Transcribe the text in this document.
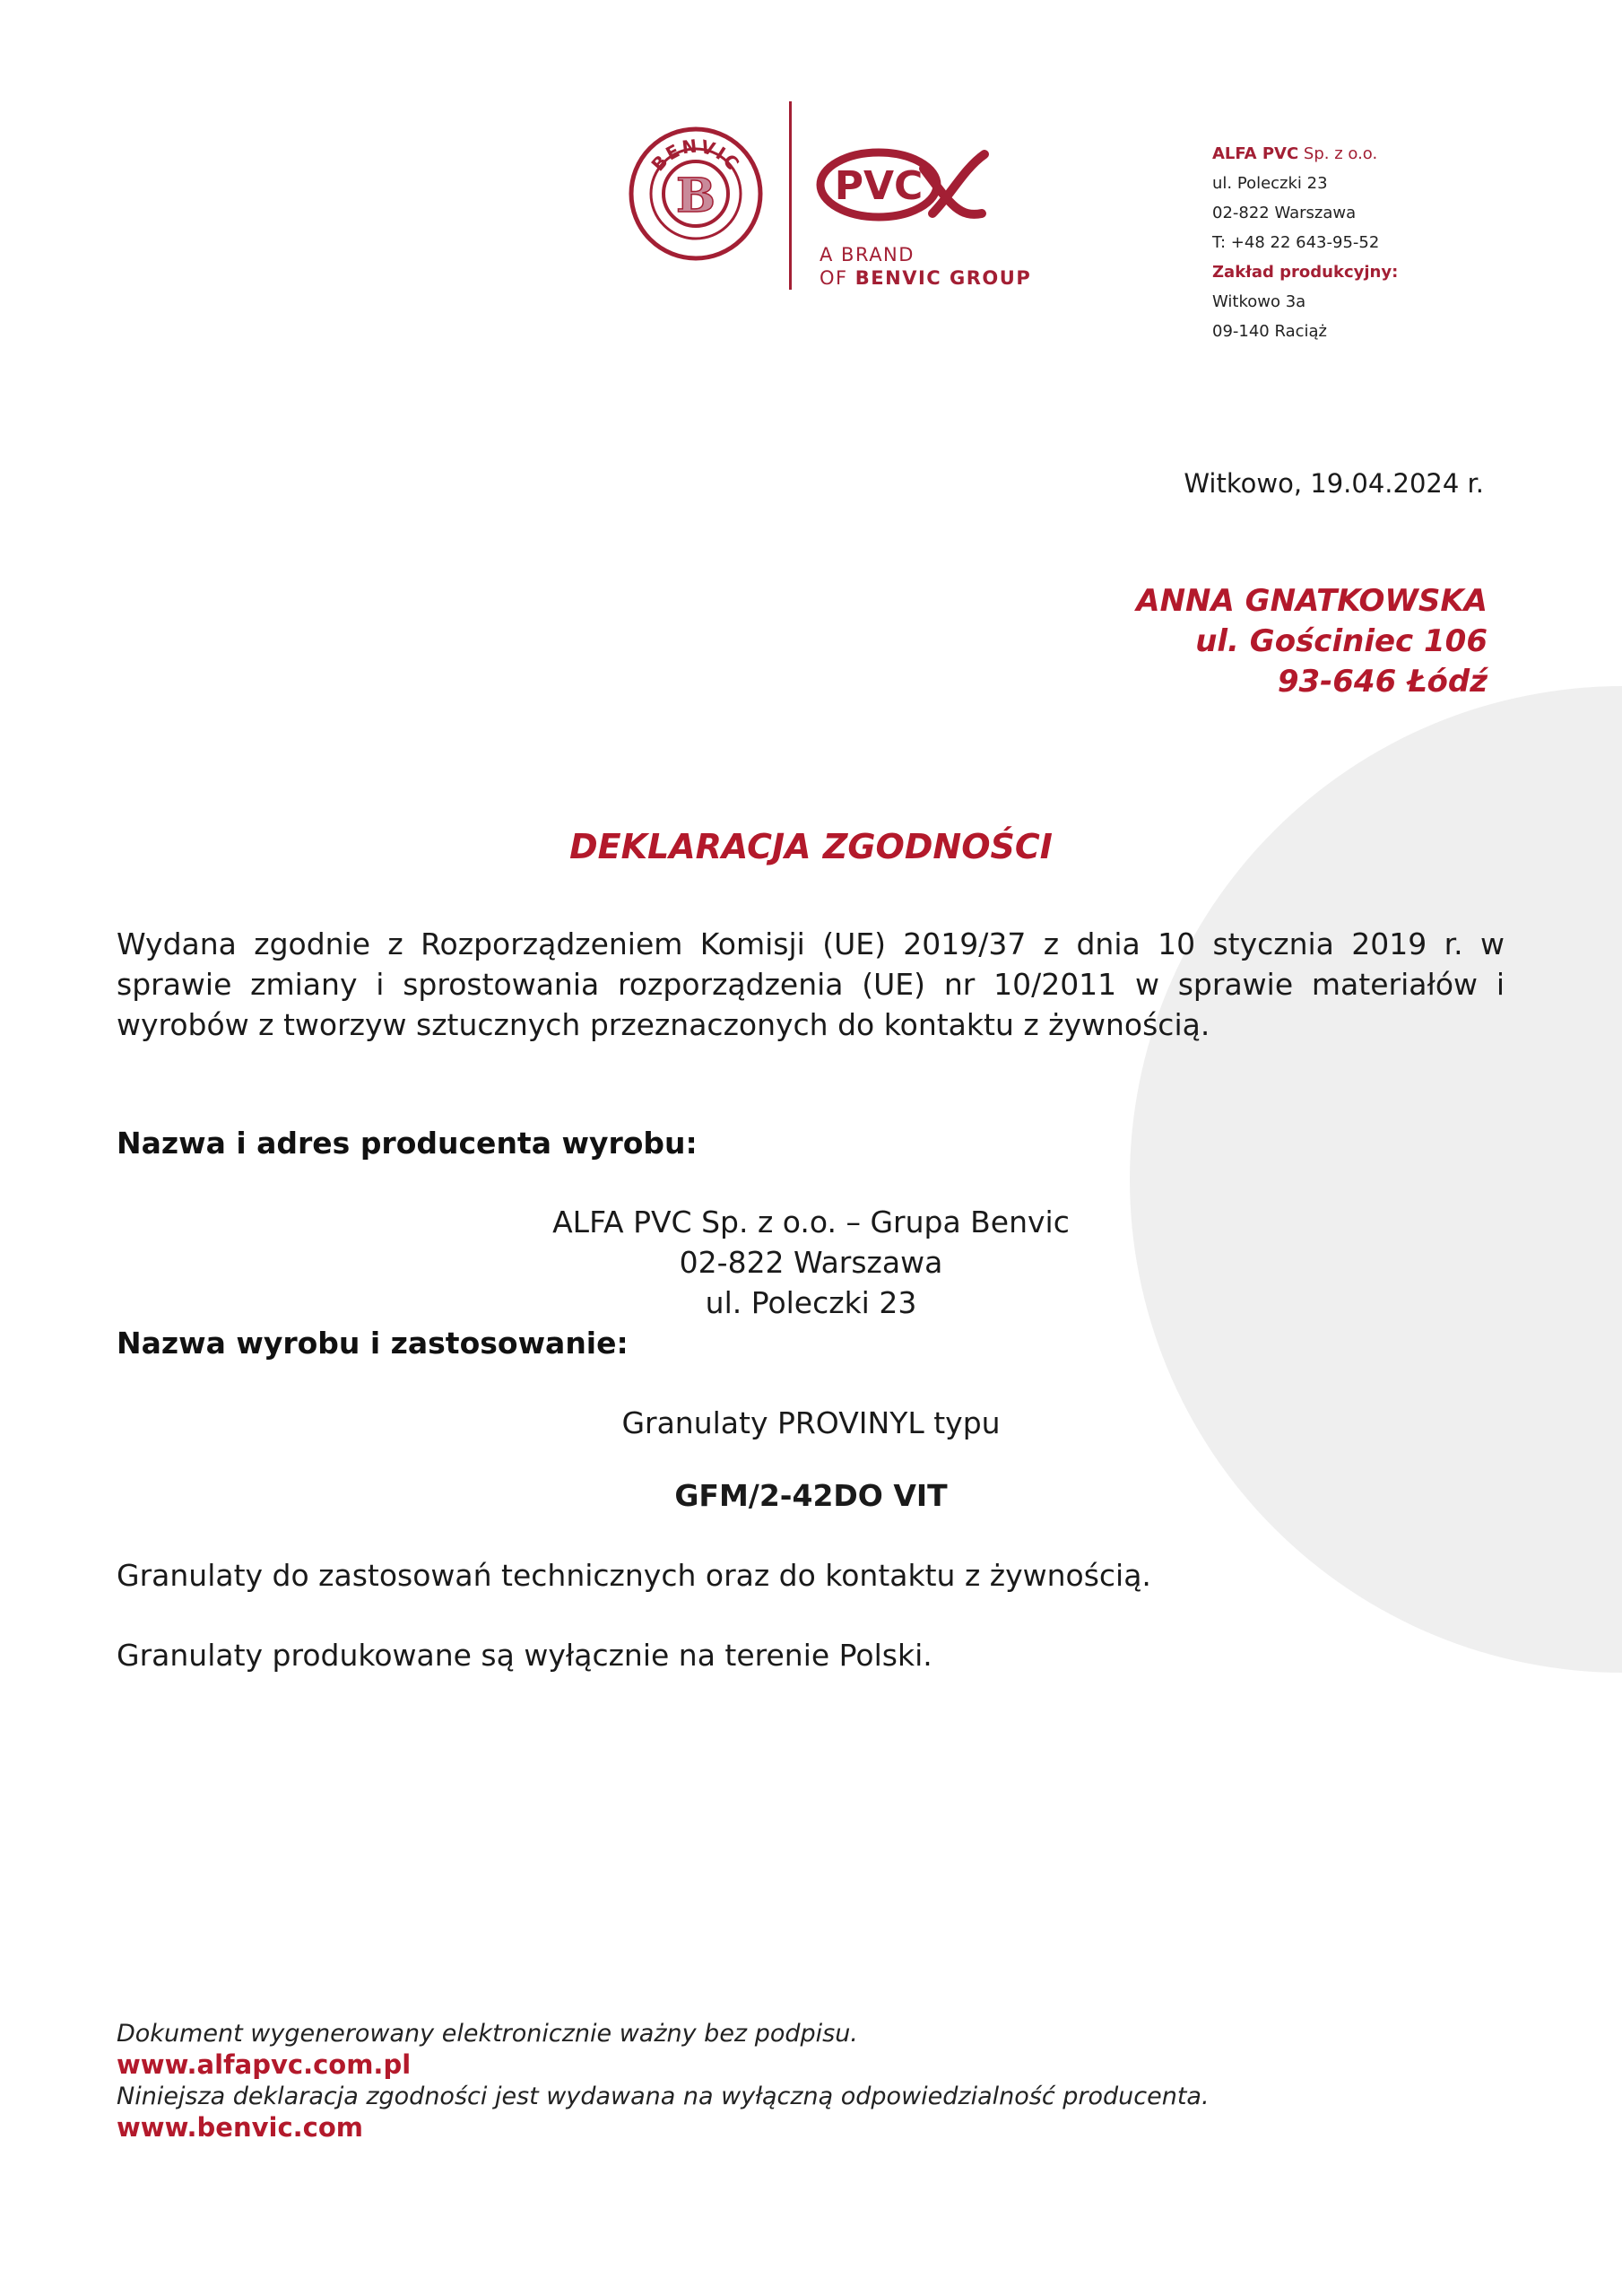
BENVIC
B	PVC
A BRAND
OF BENVIC GROUP
ALFA PVC Sp. z o.o.
ul. Poleczki 23
02-822 Warszawa
T: +48 22 643-95-52
Zakład produkcyjny:
Witkowo 3a
09-140 Raciąż
Witkowo, 19.04.2024 r.
ANNA GNATKOWSKA
ul. Gościniec 106
93-646 Łódź
DEKLARACJA ZGODNOŚCI
Wydana zgodnie z Rozporządzeniem Komisji (UE) 2019/37 z dnia 10 stycznia 2019 r. w sprawie zmiany i sprostowania rozporządzenia (UE) nr 10/2011 w sprawie materiałów i wyrobów z tworzyw sztucznych przeznaczonych do kontaktu z żywnością.
Nazwa i adres producenta wyrobu:
ALFA PVC Sp. z o.o. – Grupa Benvic
02-822 Warszawa
ul. Poleczki 23
Nazwa wyrobu i zastosowanie:
Granulaty PROVINYL typu
GFM/2-42DO VIT
Granulaty do zastosowań technicznych oraz do kontaktu z żywnością.
Granulaty produkowane są wyłącznie na terenie Polski.
Dokument wygenerowany elektronicznie ważny bez podpisu.
www.alfapvc.com.pl
Niniejsza deklaracja zgodności jest wydawana na wyłączną odpowiedzialność producenta.
www.benvic.com
